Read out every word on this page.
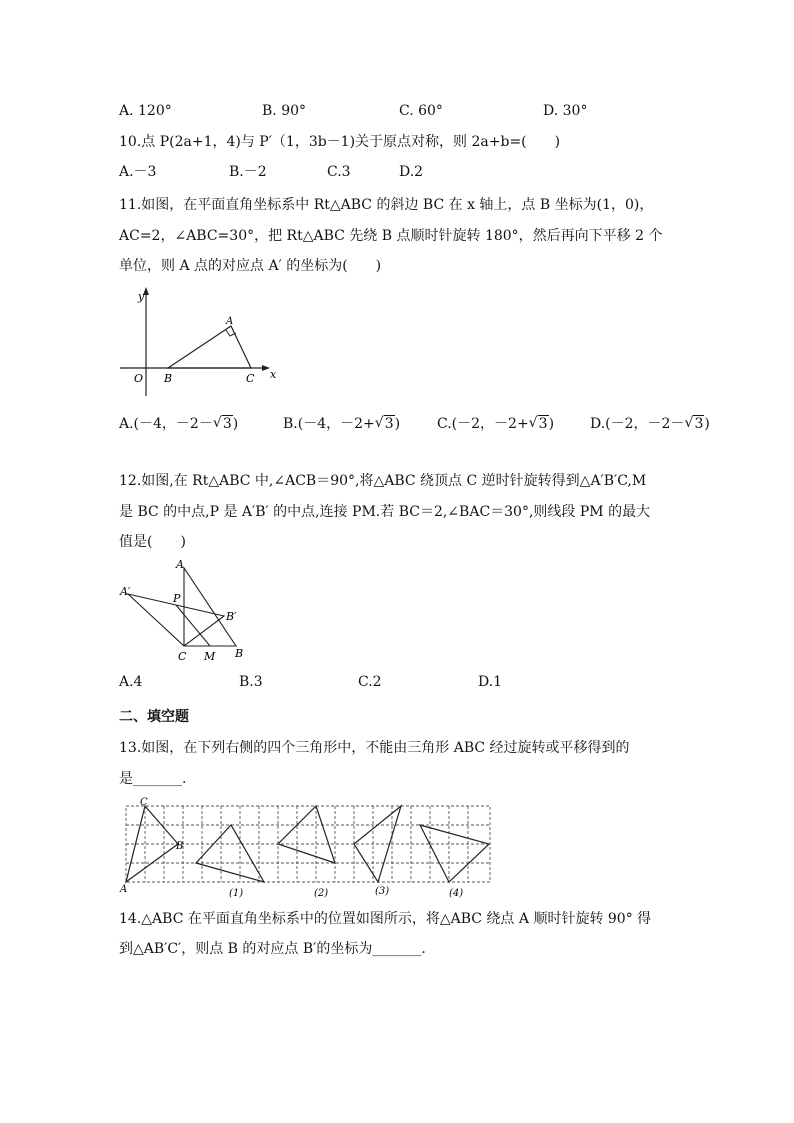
A. 120°	B. 90°	C. 60°	D. 30°
10.点 P(2a+1，4)与 P′（1，3b－1)关于原点对称，则 2a+b=(　　)
A.－3	B.－2	C.3	D.2
11.如图，在平面直角坐标系中 Rt△ABC 的斜边 BC 在 x 轴上，点 B 坐标为(1，0)，
AC=2，∠ABC=30°，把 Rt△ABC 先绕 B 点顺时针旋转 180°，然后再向下平移 2 个
单位，则 A 点的对应点 A′ 的坐标为(　　)
y
x
O
A
B	C
A.(－4，－2－ √ 3)	B.(－4，－2+ √ 3)	C.(－2，－2+ √ 3)	D.(－2，－2－ √ 3)
12.如图,在 Rt△ABC 中,∠ACB＝90°,将△ABC 绕顶点 C 逆时针旋转得到△A′B′C,M
是 BC 的中点,P 是 A′B′ 的中点,连接 PM.若 BC＝2,∠BAC＝30°,则线段 PM 的最大
值是(　　)
A
A′
P
B′
C M B
A.4	B.3	C.2	D.1
二、填空题
13.如图，在下列右侧的四个三角形中，不能由三角形 ABC 经过旋转或平移得到的
是_______.
C
B
A	(1)	(2)	(3)	(4)
14.△ABC 在平面直角坐标系中的位置如图所示，将△ABC 绕点 A 顺时针旋转 90° 得
到△AB′C′，则点 B 的对应点 B′的坐标为_______.
